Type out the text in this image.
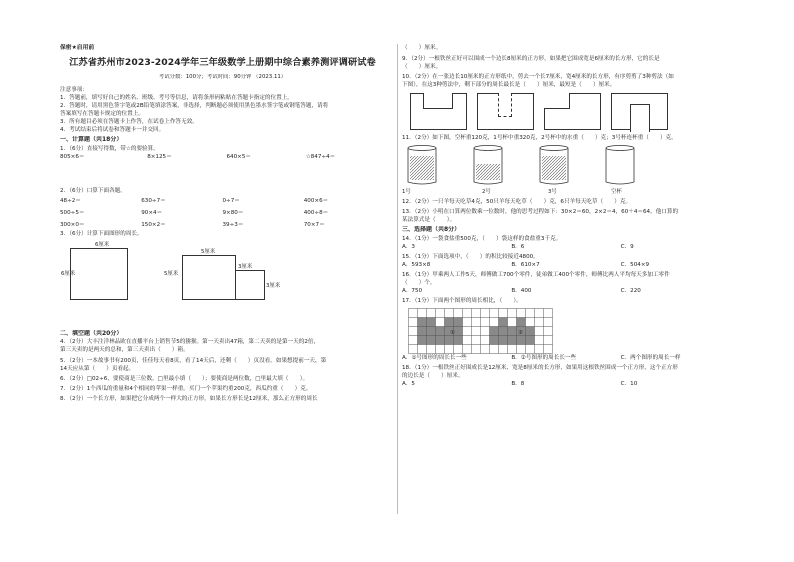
保密★启用前
江苏省苏州市2023-2024学年三年级数学上册期中综合素养测评调研试卷
考试分数：100分；考试时间：90分钟 （2023.11）
注意事项：
1．答题前，填写好自己的姓名、班级、考号等信息，请将条形码粘贴在答题卡指定的位置上。
2．答题时，请用黑色签字笔或2B铅笔填涂答案，非选择，判断题必须使用黑色墨水签字笔或钢笔答题，请将
答案填写在答题卡规定的位置上。
3．所有题目必须在答题卡上作答，在试卷上作答无效。
4．考试结束后将试卷和答题卡一并交回。
一、计算题（共18分）
1．（6分）直接写得数，带☆的要验算。
805×6＝	8×125＝	640×5＝	☆847÷4＝
2．（6分）口算下面各题。
48÷2＝	630÷7＝	0÷7＝	400×6＝
500÷5＝	90×4＝	9×80＝	400÷8＝
300×0＝	150×2＝	39÷3＝	70×7＝
3．（6分）计算下面图形的周长。
6厘米
6厘米
5厘米
5厘米
3厘米
3厘米
二、填空题（共20分）
4．（2分）大丰注洋林品欧在直播平台上销售节5的猕猴。第一天卖出47箱，第二天卖的是第一天的2倍，
第三天卖的是两天的总和，第三天卖出（　　）箱。
5．（2分）一本故事书有200页，佳佳每天看8页，看了14天后，还剩（　　）页没看。如果想提前一天，第
14天应从第（　　）页看起。
6．（2分）□02÷6，要使商是三位数，□里最小填（　　）；要使商是两位数，□里最大填（　　）。
7．（2分）1个西瓜的重量和4个相同的苹果一样重。买门一个苹果约重200克，西瓜约重（　　）克。
8．（2分）一个长方形，如果把它分成两个一样大的正方形，如果长方形长是12厘米，那么正方形的周长
（　　）厘米。
9．（2分）一根铁丝正好可以围成一个边长8厘米的正方形，如果把它围成宽是6厘米的长方形，它的长是
（　　）厘米。
10．（2分）在一张边长10厘米的正方形纸中，剪去一个长7厘米，宽4厘米的长方形，有序剪剪了3种剪法（如
下图），在这3种剪法中，剩下部分的周长最长是（　　）厘米，最短是（　　）厘米。
11．（2分）如下图，空杯重120克，1号杯中重320克，2号杯中的水重（　　）克；3号杯连杯重（　　）克。
1号	2号	3号	空杯
12．（2分）一只羊每天吃草4克，50只羊每天吃草（　　）克，6只羊每天吃草（　　）克。
13．（2分）小明在口算两位数乘一位数时，他的思考过程如下：30×2＝60，2×2＝4，60＋4＝64，他口算的
某法算式是（　　）。
三、选择题（共8分）
14．（1分）一袋食盐重500克，（　　）袋这样的食盐重3千克。
A．3	B．6	C．9
15．（1分）下面选项中，（　　）的积比较接近4800。
A．593×8	B．610×7	C．504×9
16．（1分）甲乘两人工作5天，师傅做工700个零件，徒弟做工400个零件，师傅比两人平均每天多加工零件
（　　）个。
A．750	B．400	C．220
17．（1分）下面两个图形的周长相比，（　　）。
①	②
A．①号图形的周长长一些	B．②号图形的周长长一些	C．两个图形的周长一样
18．（1分）一根铁丝正好围成长是12厘米，宽是8厘米的长方形，如果用这根铁丝围成一个正方形，这个正方形
的边长是（　　）厘米。
A．5	B．8	C．10
